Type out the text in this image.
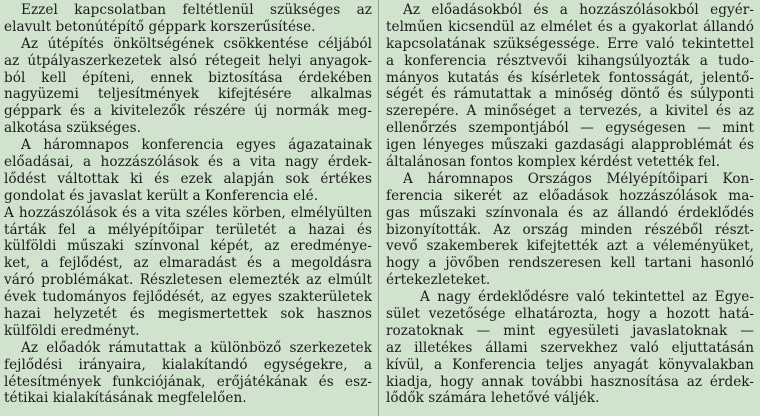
Ezzel kapcsolatban feltétlenül szükséges az
elavult betonútépítő géppark korszerűsítése.
Az útépítés önköltségének csökkentése céljából
az útpályaszerkezetek alsó rétegeit helyi anyagok-
ból kell építeni, ennek biztosítása érdekében
nagyüzemi teljesítmények kifejtésére alkalmas
géppark és a kivitelezők részére új normák meg-
alkotása szükséges.
A háromnapos konferencia egyes ágazatainak
előadásai, a hozzászólások és a vita nagy érdek-
lődést váltottak ki és ezek alapján sok értékes
gondolat és javaslat került a Konferencia elé.
A hozzászólások és a vita széles körben, elmélyülten
tárták fel a mélyépítőipar területét a hazai és
külföldi műszaki színvonal képét, az eredménye-
ket, a fejlődést, az elmaradást és a megoldásra
váró problémákat. Részletesen elemezték az elmúlt
évek tudományos fejlődését, az egyes szakterületek
hazai helyzetét és megismertettek sok hasznos
külföldi eredményt.
Az előadók rámutattak a különböző szerkezetek
fejlődési irányaira, kialakítandó egységekre, a
létesítmények funkciójának, erőjátékának és esz-
tétikai kialakításának megfelelően.
Az előadásokból és a hozzászólásokból egyér-
telműen kicsendül az elmélet és a gyakorlat állandó
kapcsolatának szükségessége. Erre való tekintettel
a konferencia résztvevői kihangsúlyozták a tudo-
mányos kutatás és kísérletek fontosságát, jelentő-
ségét és rámutattak a minőség döntő és súlyponti
szerepére. A minőséget a tervezés, a kivitel és az
ellenőrzés szempontjából — egységesen — mint
igen lényeges műszaki gazdasági alapproblémát és
általánosan fontos komplex kérdést vetették fel.
A háromnapos Országos Mélyépítőipari Kon-
ferencia sikerét az előadások hozzászólások ma-
gas műszaki színvonala és az állandó érdeklődés
bizonyították. Az ország minden részéből részt-
vevő szakemberek kifejtették azt a véleményüket,
hogy a jövőben rendszeresen kell tartani hasonló
értekezleteket.
A nagy érdeklődésre való tekintettel az Egye-
sület vezetősége elhatározta, hogy a hozott hatá-
rozatoknak — mint egyesületi javaslatoknak —
az illetékes állami szervekhez való eljuttatásán
kívül, a Konferencia teljes anyagát könyvalakban
kiadja, hogy annak további hasznosítása az érdek-
lődők számára lehetővé váljék.
